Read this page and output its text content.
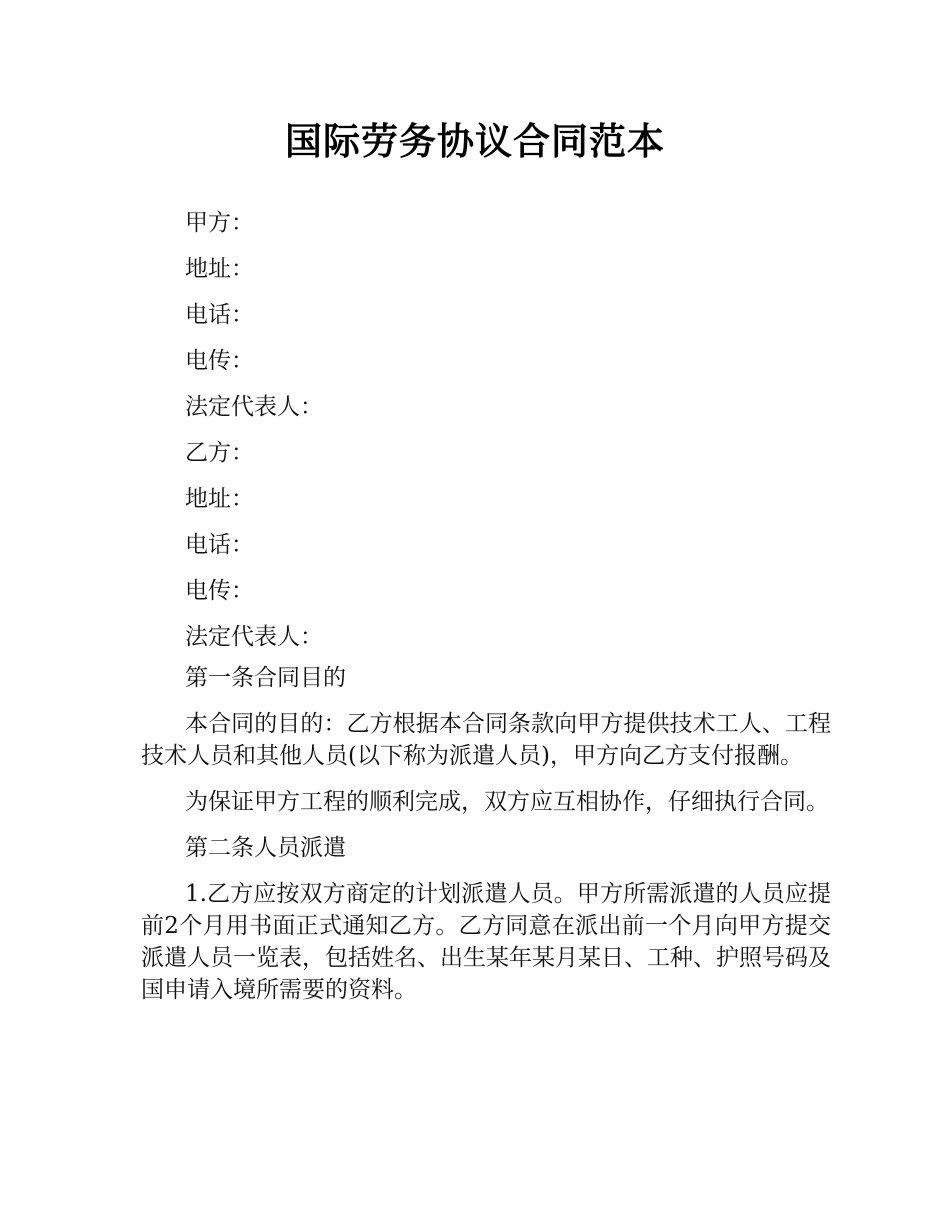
国际劳务协议合同范本
甲方：
地址：
电话：
电传：
法定代表人：
乙方：
地址：
电话：
电传：
法定代表人：
第一条合同目的

本合同的目的：乙方根据本合同条款向甲方提供技术工人、工程技术人员和其他人员(以下称为派遣人员)，甲方向乙方支付报酬。

为保证甲方工程的顺利完成，双方应互相协作，仔细执行合同。

第二条人员派遣

1.乙方应按双方商定的计划派遣人员。甲方所需派遣的人员应提前2个月用书面正式通知乙方。乙方同意在派出前一个月向甲方提交派遣人员一览表，包括姓名、出生某年某月某日、工种、护照号码及国申请入境所需要的资料。
